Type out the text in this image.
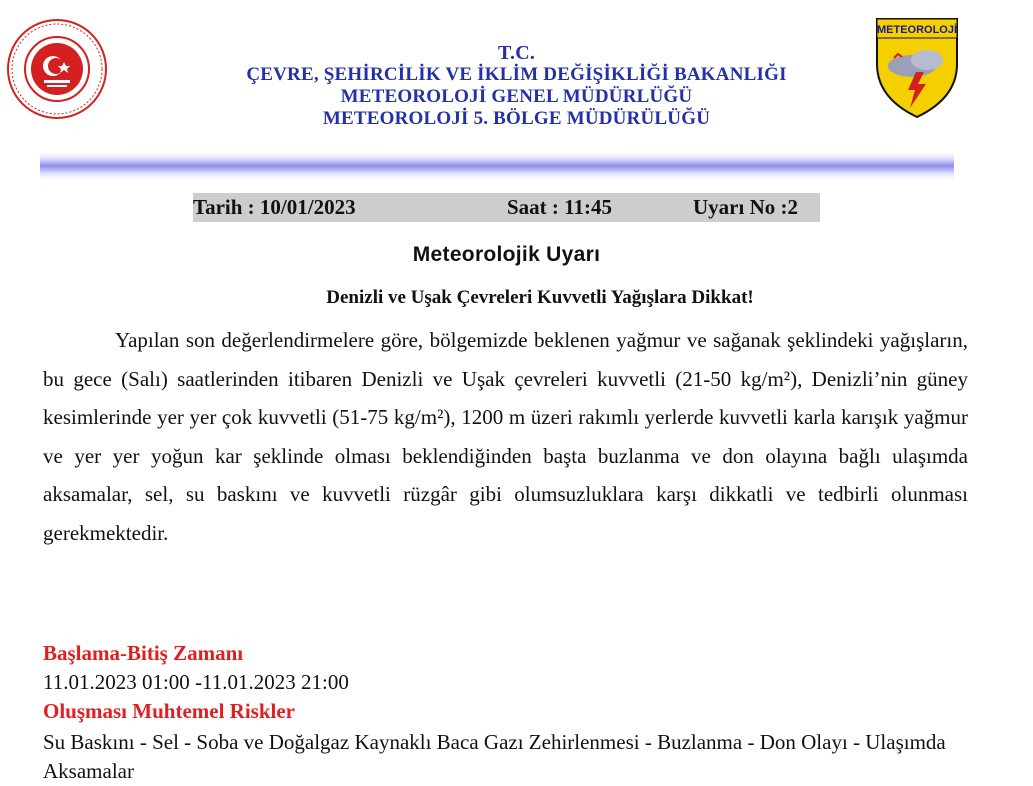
METEOROLOJİ
T.C.
ÇEVRE, ŞEHİRCİLİK VE İKLİM DEĞİŞİKLİĞİ BAKANLIĞI
METEOROLOJİ GENEL MÜDÜRLÜĞÜ
METEOROLOJİ 5. BÖLGE MÜDÜRÜLÜĞÜ
Tarih : 10/01/2023	Saat : 11:45	Uyarı No :2
Meteorolojik Uyarı
Denizli ve Uşak Çevreleri Kuvvetli Yağışlara Dikkat!

Yapılan son değerlendirmelere göre, bölgemizde beklenen yağmur ve sağanak şeklindeki yağışların, bu gece (Salı) saatlerinden itibaren Denizli ve Uşak çevreleri kuvvetli (21-50 kg/m²), Denizli’nin güney kesimlerinde yer yer çok kuvvetli (51-75 kg/m²), 1200 m üzeri rakımlı yerlerde kuvvetli karla karışık yağmur ve yer yer yoğun kar şeklinde olması beklendiğinden başta buzlanma ve don olayına bağlı ulaşımda aksamalar, sel, su baskını ve kuvvetli rüzgâr gibi olumsuzluklara karşı dikkatli ve tedbirli olunması gerekmektedir.

Başlama-Bitiş Zamanı
11.01.2023 01:00 -11.01.2023 21:00
Oluşması Muhtemel Riskler

Su Baskını - Sel - Soba ve Doğalgaz Kaynaklı Baca Gazı Zehirlenmesi - Buzlanma - Don Olayı - Ulaşımda Aksamalar
